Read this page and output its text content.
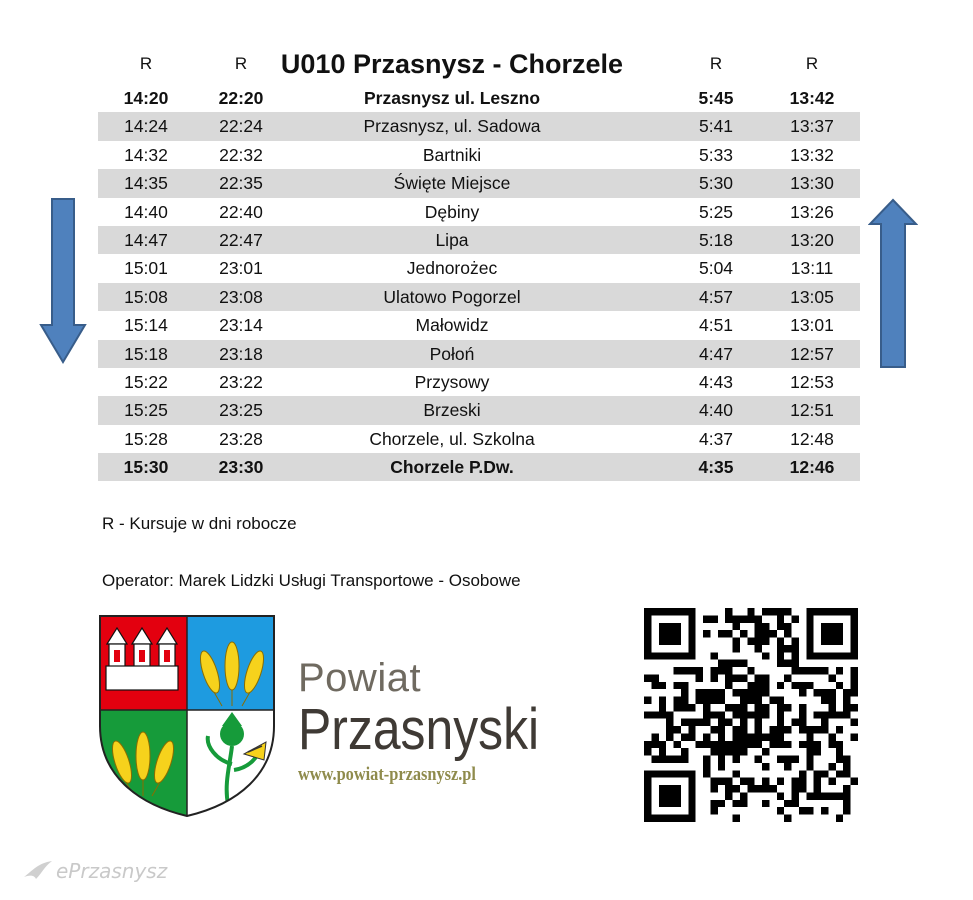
R	R	U010 Przasnysz - Chorzele	R	R
14:20	22:20	Przasnysz ul. Leszno	5:45	13:42
14:24	22:24	Przasnysz, ul. Sadowa	5:41	13:37
14:32	22:32	Bartniki	5:33	13:32
14:35	22:35	Święte Miejsce	5:30	13:30
14:40	22:40	Dębiny	5:25	13:26
14:47	22:47	Lipa	5:18	13:20
15:01	23:01	Jednorożec	5:04	13:11
15:08	23:08	Ulatowo Pogorzel	4:57	13:05
15:14	23:14	Małowidz	4:51	13:01
15:18	23:18	Połoń	4:47	12:57
15:22	23:22	Przysowy	4:43	12:53
15:25	23:25	Brzeski	4:40	12:51
15:28	23:28	Chorzele, ul. Szkolna	4:37	12:48
15:30	23:30	Chorzele P.Dw.	4:35	12:46
R - Kursuje w dni robocze
Operator: Marek Lidzki Usługi Transportowe - Osobowe
Powiat
Przasnyski
www.powiat-przasnysz.pl
ePrzasnysz
